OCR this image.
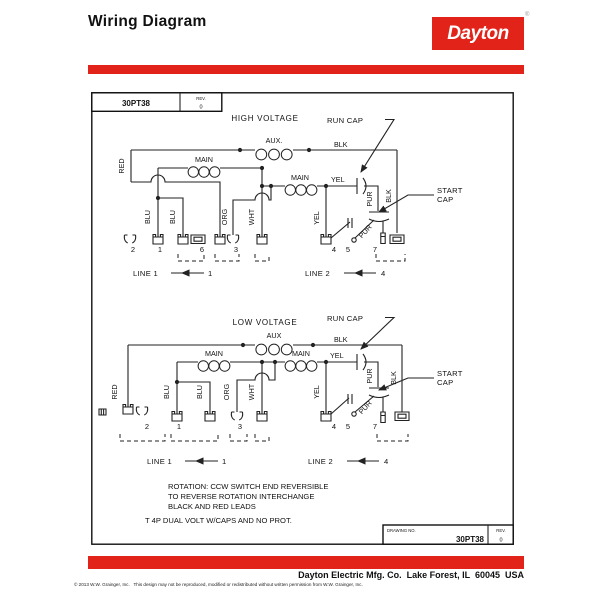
Wiring Diagram
Dayton
®
30PT38
REV.
0
HIGH VOLTAGE	RUN CAP
START
CAP
AUX.
MAIN
MAIN
BLK
YEL
RED
BLU BLU	ORG	WHT	YEL
PUR
PUR
BLK
2	1	6	3	4 5	7
LINE 1	1	LINE 2	4
LOW VOLTAGE	RUN CAP
START
CAP
AUX
MAIN	MAIN
BLK
YEL
RED	BLU	BLU	ORG WHT	YEL
PUR
PUR
BLK
2	1	3	4 5	7
LINE 1	1	LINE 2	4
ROTATION: CCW SWITCH END REVERSIBLE
TO REVERSE ROTATION INTERCHANGE
BLACK AND RED LEADS
T 4P DUAL VOLT W/CAPS AND NO PROT.
DRAWING NO.
30PT38
REV.
0
Dayton Electric Mfg. Co.  Lake Forest, IL  60045  USA
© 2013 W.W. Grainger, Inc.   This design may not be reproduced, modified or redistributed without written permission from W.W. Grainger, Inc.
